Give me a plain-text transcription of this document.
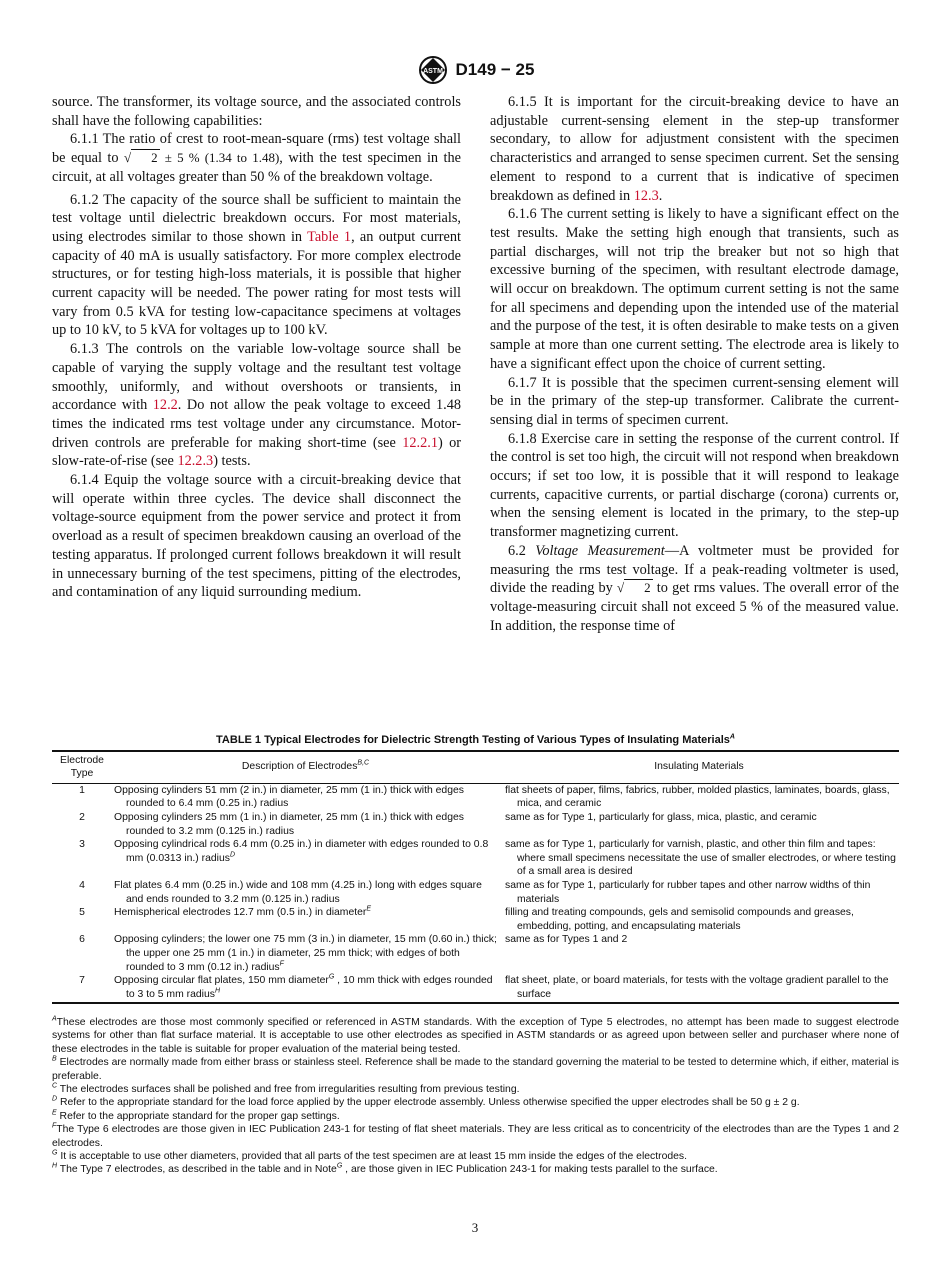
ASTM D149 − 25

source. The transformer, its voltage source, and the associated controls shall have the following capabilities:

6.1.1 The ratio of crest to root-mean-square (rms) test voltage shall be equal to √ 2 ± 5 % (1.34 to 1.48), with the test specimen in the circuit, at all voltages greater than 50 % of the breakdown voltage.

6.1.2 The capacity of the source shall be sufficient to maintain the test voltage until dielectric breakdown occurs. For most materials, using electrodes similar to those shown in Table 1, an output current capacity of 40 mA is usually satisfactory. For more complex electrode structures, or for testing high-loss materials, it is possible that higher current capacity will be needed. The power rating for most tests will vary from 0.5 kVA for testing low-capacitance specimens at voltages up to 10 kV, to 5 kVA for voltages up to 100 kV.

6.1.3 The controls on the variable low-voltage source shall be capable of varying the supply voltage and the resultant test voltage smoothly, uniformly, and without overshoots or transients, in accordance with 12.2. Do not allow the peak voltage to exceed 1.48 times the indicated rms test voltage under any circumstance. Motor-driven controls are preferable for making short-time (see 12.2.1) or slow-rate-of-rise (see 12.2.3) tests.

6.1.4 Equip the voltage source with a circuit-breaking device that will operate within three cycles. The device shall disconnect the voltage-source equipment from the power service and protect it from overload as a result of specimen breakdown causing an overload of the testing apparatus. If prolonged current follows breakdown it will result in unnecessary burning of the test specimens, pitting of the electrodes, and contamination of any liquid surrounding medium.

6.1.5 It is important for the circuit-breaking device to have an adjustable current-sensing element in the step-up transformer secondary, to allow for adjustment consistent with the specimen characteristics and arranged to sense specimen current. Set the sensing element to respond to a current that is indicative of specimen breakdown as defined in 12.3.

6.1.6 The current setting is likely to have a significant effect on the test results. Make the setting high enough that transients, such as partial discharges, will not trip the breaker but not so high that excessive burning of the specimen, with resultant electrode damage, will occur on breakdown. The optimum current setting is not the same for all specimens and depending upon the intended use of the material and the purpose of the test, it is often desirable to make tests on a given sample at more than one current setting. The electrode area is likely to have a significant effect upon the choice of current setting.

6.1.7 It is possible that the specimen current-sensing element will be in the primary of the step-up transformer. Calibrate the current-sensing dial in terms of specimen current.

6.1.8 Exercise care in setting the response of the current control. If the control is set too high, the circuit will not respond when breakdown occurs; if set too low, it is possible that it will respond to leakage currents, capacitive currents, or partial discharge (corona) currents or, when the sensing element is located in the primary, to the step-up transformer magnetizing current.

6.2 Voltage Measurement—A voltmeter must be provided for measuring the rms test voltage. If a peak-reading voltmeter is used, divide the reading by √ 2 to get rms values. The overall error of the voltage-measuring circuit shall not exceed 5 % of the measured value. In addition, the response time of

TABLE 1 Typical Electrodes for Dielectric Strength Testing of Various Types of Insulating Materials$^A$
Electrode Type	Description of Electrodes$^{B,C}$	Insulating Materials
1	Opposing cylinders 51 mm (2 in.) in diameter, 25 mm (1 in.) thick with edges rounded to 6.4 mm (0.25 in.) radius	flat sheets of paper, films, fabrics, rubber, molded plastics, laminates, boards, glass, mica, and ceramic

2	Opposing cylinders 25 mm (1 in.) in diameter, 25 mm (1 in.) thick with edges rounded to 3.2 mm (0.125 in.) radius	same as for Type 1, particularly for glass, mica, plastic, and ceramic

3	Opposing cylindrical rods 6.4 mm (0.25 in.) in diameter with edges rounded to 0.8 mm (0.0313 in.) radius$^D$	same as for Type 1, particularly for varnish, plastic, and other thin film and tapes: where small specimens necessitate the use of smaller electrodes, or where testing of a small area is desired

4	Flat plates 6.4 mm (0.25 in.) wide and 108 mm (4.25 in.) long with edges square and ends rounded to 3.2 mm (0.125 in.) radius	same as for Type 1, particularly for rubber tapes and other narrow widths of thin materials

5	Hemispherical electrodes 12.7 mm (0.5 in.) in diameter$^E$	filling and treating compounds, gels and semisolid compounds and greases, embedding, potting, and encapsulating materials

6	Opposing cylinders; the lower one 75 mm (3 in.) in diameter, 15 mm (0.60 in.) thick; the upper one 25 mm (1 in.) in diameter, 25 mm thick; with edges of both rounded to 3 mm (0.12 in.) radius$^F$	same as for Types 1 and 2

7	Opposing circular flat plates, 150 mm diameter$^G$ , 10 mm thick with edges rounded to 3 to 5 mm radius$^H$	flat sheet, plate, or board materials, for tests with the voltage gradient parallel to the surface

$^A$These electrodes are those most commonly specified or referenced in ASTM standards. With the exception of Type 5 electrodes, no attempt has been made to suggest electrode systems for other than flat surface material. It is acceptable to use other electrodes as specified in ASTM standards or as agreed upon between seller and purchaser where none of these electrodes in the table is suitable for proper evaluation of the material being tested.

$^B$ Electrodes are normally made from either brass or stainless steel. Reference shall be made to the standard governing the material to be tested to determine which, if either, material is preferable.

$^C$ The electrodes surfaces shall be polished and free from irregularities resulting from previous testing.

$^D$ Refer to the appropriate standard for the load force applied by the upper electrode assembly. Unless otherwise specified the upper electrodes shall be 50 g ± 2 g.

$^E$ Refer to the appropriate standard for the proper gap settings.

$^F$The Type 6 electrodes are those given in IEC Publication 243-1 for testing of flat sheet materials. They are less critical as to concentricity of the electrodes than are the Types 1 and 2 electrodes.

$^G$ It is acceptable to use other diameters, provided that all parts of the test specimen are at least 15 mm inside the edges of the electrodes.

$^H$ The Type 7 electrodes, as described in the table and in Note$^G$ , are those given in IEC Publication 243-1 for making tests parallel to the surface.

3
